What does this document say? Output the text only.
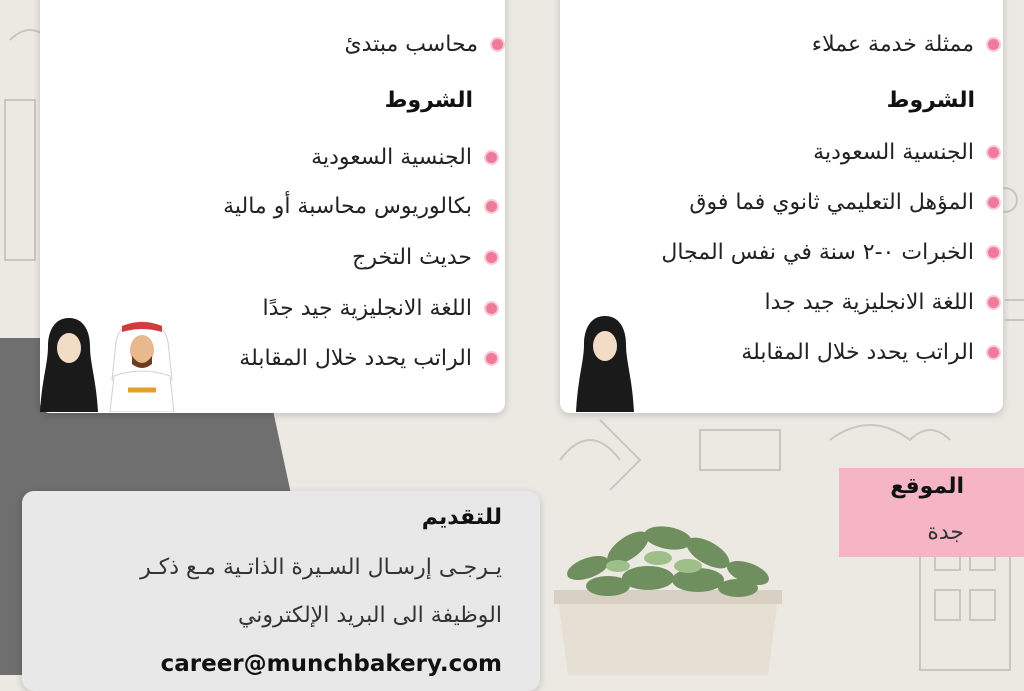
محاسب مبتدئ
الشروط
الجنسية السعودية
بكالوريوس محاسبة أو مالية
حديث التخرج
اللغة الانجليزية جيد جدًا
الراتب يحدد خلال المقابلة
ممثلة خدمة عملاء
الشروط
الجنسية السعودية
المؤهل التعليمي ثانوي فما فوق
الخبرات ٠-٢ سنة في نفس المجال
اللغة الانجليزية جيد جدا
الراتب يحدد خلال المقابلة
الموقع
جدة
للتقديم
يـرجـى إرسـال السـيرة الذاتـية مـع ذكـر
الوظيفة الى البريد الإلكتروني
career@munchbakery.com
